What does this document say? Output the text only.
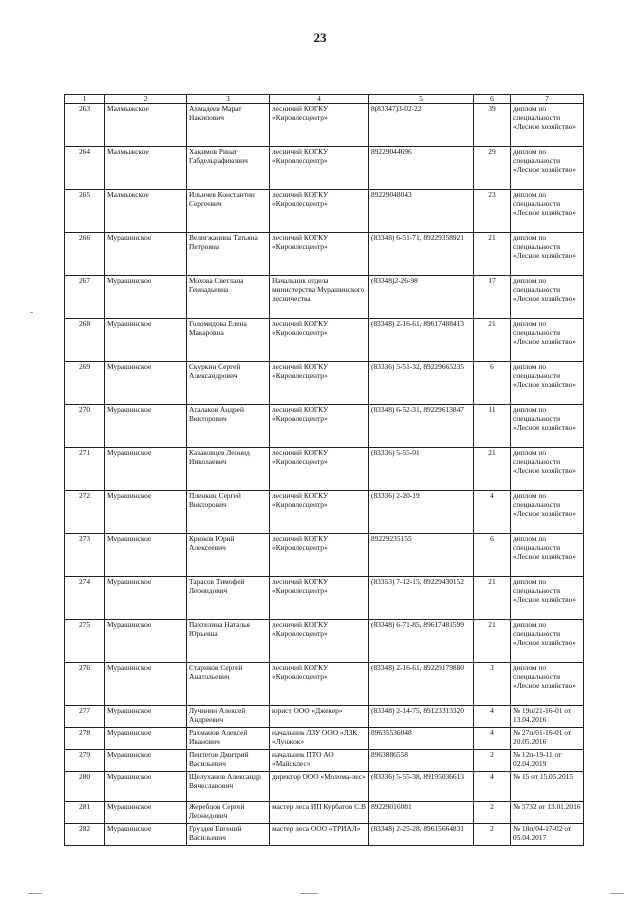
23
1	2	3	4	5	6	7
263	Малмыжское	Ахмадеев Марат Накипович	лесничий КОГКУ «Кировлесцентр»	8(83347)3-02-22	39	диплом по специальности «Лесное хозяйство»
264	Малмыжское	Хакимов Ринат Габдельрафикович	лесничий КОГКУ «Кировлесцентр»	89229044696	29	диплом по специальности «Лесное хозяйство»
265	Малмыжское	Ильичев Константин Сергеевич	лесничий КОГКУ «Кировлесцентр»	89229048043	23	диплом по специальности «Лесное хозяйство»
266	Мурашинское	Велигжанина Татьяна Петровна	лесничий КОГКУ «Кировлесцентр»	(83348) 6-51-71, 89229358921	21	диплом по специальности «Лесное хозяйство»
267	Мурашинское	Мохова Светлана Геннадьевна	Начальник отдела министерства Мурашинского лесничества	(83348)2-26-98	17	диплом по специальности «Лесное хозяйство»
268	Мурашинское	Голомидова Елена Макаровна	лесничий КОГКУ «Кировлесцентр»	(83348) 2-16-61, 89617488413	21	диплом по специальности «Лесное хозяйство»
269	Мурашинское	Скуркин Сергей Александрович	лесничий КОГКУ «Кировлесцентр»	(83336) 5-51-32, 89229665235	6	диплом по специальности «Лесное хозяйство»
270	Мурашинское	Агалаков Андрей Викторович	лесничий КОГКУ «Кировлесцентр»	(83348) 6-52-31, 89229613847	11	диплом по специальности «Лесное хозяйство»
271	Мурашинское	Казаковцев Леонид Николаевич	лесничий КОГКУ «Кировлесцентр»	(83336) 5-55-01	21	диплом по специальности «Лесное хозяйство»
272	Мурашинское	Пленкин Сергей Викторович	лесничий КОГКУ «Кировлесцентр»	(83336) 2-20-19	4	диплом по специальности «Лесное хозяйство»
273	Мурашинское	Крюков Юрий Алексеевич	лесничий КОГКУ «Кировлесцентр»	89229235155	6	диплом по специальности «Лесное хозяйство»
274	Мурашинское	Тарасов Тимофей Леонидович	лесничий КОГКУ «Кировлесцентр»	(83353) 7-12-15, 89229430152	21	диплом по специальности «Лесное хозяйство»
275	Мурашинское	Пахтелина Наталья Юрьевна	лесничий КОГКУ «Кировлесцентр»	(83348) 6-71-85, 89617481599	21	диплом по специальности «Лесное хозяйство»
276	Мурашинское	Стариков Сергей Анатольевич	лесничий КОГКУ «Кировлесцентр»	(83348) 2-16-61, 89229179880	3	диплом по специальности «Лесное хозяйство»
277	Мурашинское	Лучинин Алексей Андреевич	юрист ООО «Джекер»	(83348) 2-14-75, 89123313320	4	№ 19п/21-16-01 от 13.04.2016
278	Мурашинское	Рахманов Алексей Иванович	начальник ЛЗУ ООО «ЛЗК «Лунжок»	89635536048	4	№ 27п/01-16-01 от 20.05.2016
279	Мурашинское	Пентегов Дмитрий Васильевич	начальник ПТО АО «Майсклес»	8963886558	2	№ 12п-19-11 от 02.04.2019
280	Мурашинское	Щелуханов Александр Вячеславович	директор ООО «Молома-лес»	(83336) 5-55-38, 89195036613	4	№ 15 от 15.05.2015
281	Мурашинское	Жеребцов Сергей Леонидович	мастер леса ИП Курбатов С.В	89229016081	2	№ 5732 от 13.01.2016
282	Мурашинское	Груздев Евгений Васильевич	мастер леса ООО «ТРИАЛ»	(83348) 2-25-28, 89615664831	2	№ 18п/04-17-02 от 05.04.2017
